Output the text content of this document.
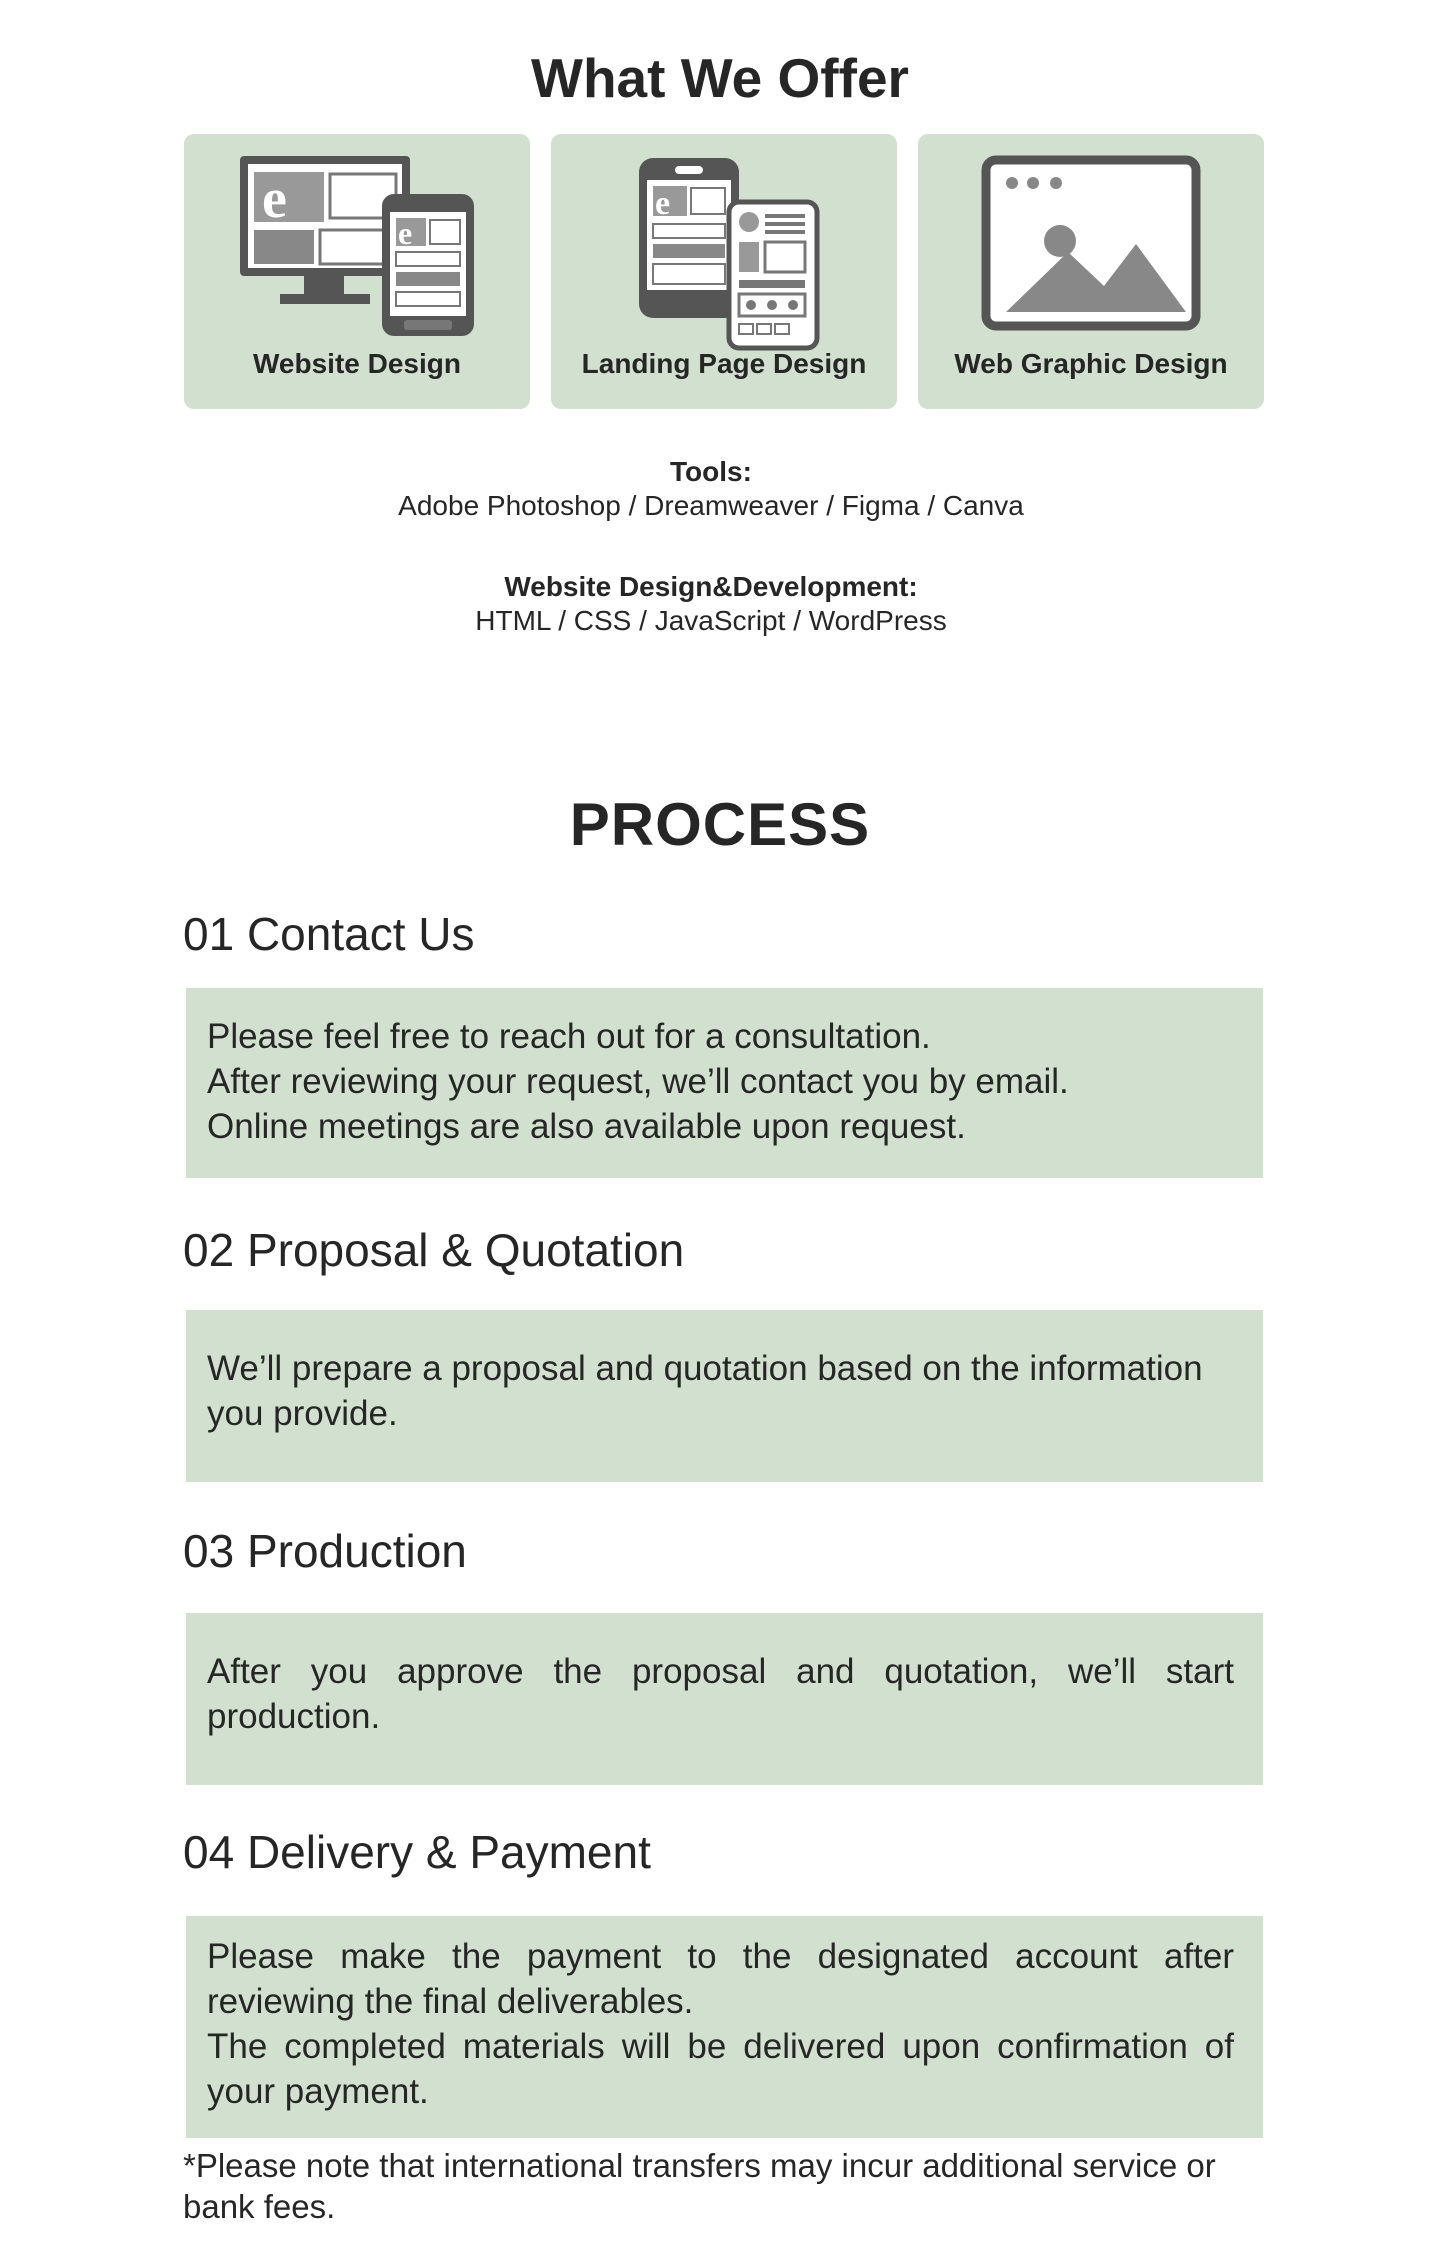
What We Offer
e
e
Website Design
e
Landing Page Design	Web Graphic Design
Tools:
Adobe Photoshop / Dreamweaver / Figma / Canva
Website Design&Development:
HTML / CSS / JavaScript / WordPress
PROCESS
01 Contact Us

Please feel free to reach out for a consultation.

After reviewing your request, we’ll contact you by email.

Online meetings are also available upon request.

02 Proposal & Quotation

We’ll prepare a proposal and quotation based on the information you provide.

03 Production

After you approve the proposal and quotation, we’ll start production.

04 Delivery & Payment

Please make the payment to the designated account after reviewing the final deliverables.

The completed materials will be delivered upon confirmation of your payment.

*Please note that international transfers may incur additional service or bank fees.
